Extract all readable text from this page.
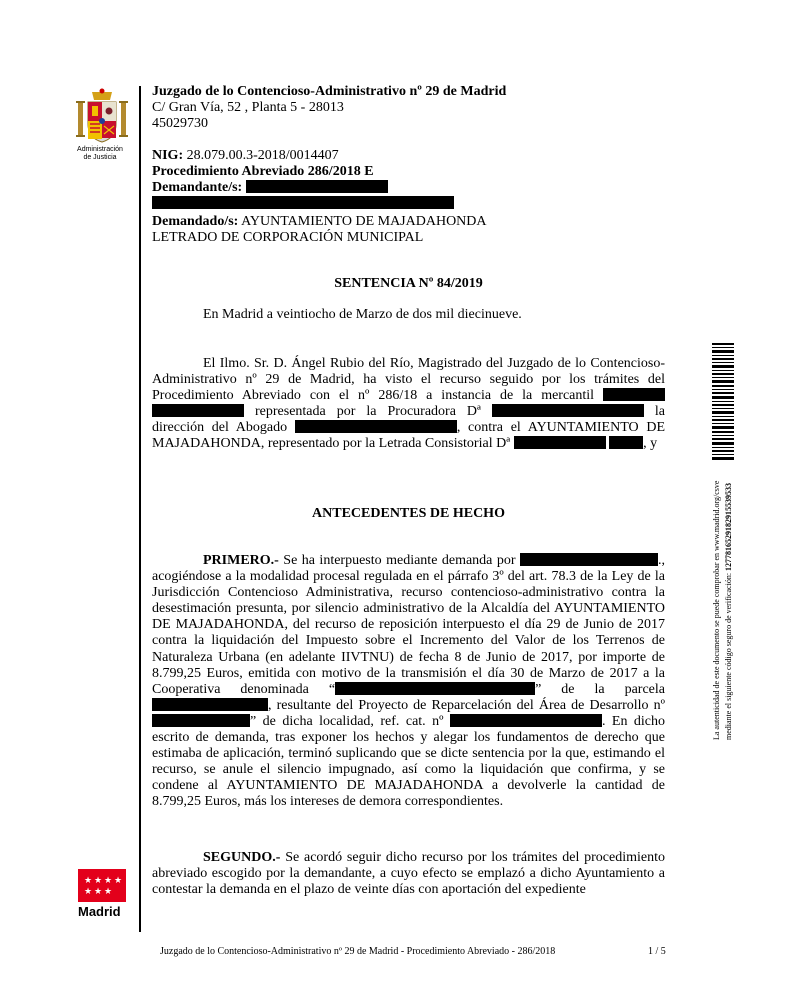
Administración
de Justicia
Juzgado de lo Contencioso-Administrativo nº 29 de Madrid
C/ Gran Vía, 52 , Planta 5 - 28013
45029730
NIG: 28.079.00.3-2018/0014407
Procedimiento Abreviado 286/2018 E
Demandante/s:
Demandado/s: AYUNTAMIENTO DE MAJADAHONDA
LETRADO DE CORPORACIÓN MUNICIPAL
SENTENCIA Nº 84/2019
En Madrid a veintiocho de Marzo de dos mil diecinueve.
El Ilmo. Sr. D. Ángel Rubio del Río, Magistrado del Juzgado de lo Contencioso-Administrativo nº 29 de Madrid, ha visto el recurso seguido por los trámites del Procedimiento Abreviado con el nº 286/18 a instancia de la mercantil   representada por la Procuradora Dª	la dirección del Abogado	, contra el AYUNTAMIENTO DE MAJADAHONDA, representado por la Letrada Consistorial Dª	, y
ANTECEDENTES DE HECHO
PRIMERO.- Se ha interpuesto mediante demanda por	., acogiéndose a la modalidad procesal regulada en el párrafo 3º del art. 78.3 de la Ley de la Jurisdicción Contencioso Administrativa, recurso contencioso-administrativo contra la desestimación presunta, por silencio administrativo de la Alcaldía del AYUNTAMIENTO DE MAJADAHONDA, del recurso de reposición interpuesto el día 29 de Junio de 2017 contra la liquidación del Impuesto sobre el Incremento del Valor de los Terrenos de Naturaleza Urbana (en adelante IIVTNU) de fecha 8 de Junio de 2017, por importe de 8.799,25 Euros, emitida con motivo de la transmisión el día 30 de Marzo de 2017 a la Cooperativa denominada “	” de la parcela , resultante del Proyecto de Reparcelación del Área de Desarrollo nº ” de dicha localidad, ref. cat. nº	. En dicho escrito de demanda, tras exponer los hechos y alegar los fundamentos de derecho que estimaba de aplicación, terminó suplicando que se dicte sentencia por la que, estimando el recurso, se anule el silencio impugnado, así como la liquidación que confirma, y se condene al AYUNTAMIENTO DE MAJADAHONDA a devolverle la cantidad de 8.799,25 Euros, más los intereses de demora correspondientes.
SEGUNDO.- Se acordó seguir dicho recurso por los trámites del procedimiento abreviado escogido por la demandante, a cuyo efecto se emplazó a dicho Ayuntamiento a contestar la demanda en el plazo de veinte días con aportación del expediente
La autenticidad de este documento se puede comprobar en www.madrid.org/csve mediante el siguiente código seguro de verificación: 1277816529182915539533
★ ★ ★ ★
★ ★ ★
Madrid
Juzgado de lo Contencioso-Administrativo nº 29 de Madrid - Procedimiento Abreviado - 286/2018	1 / 5
